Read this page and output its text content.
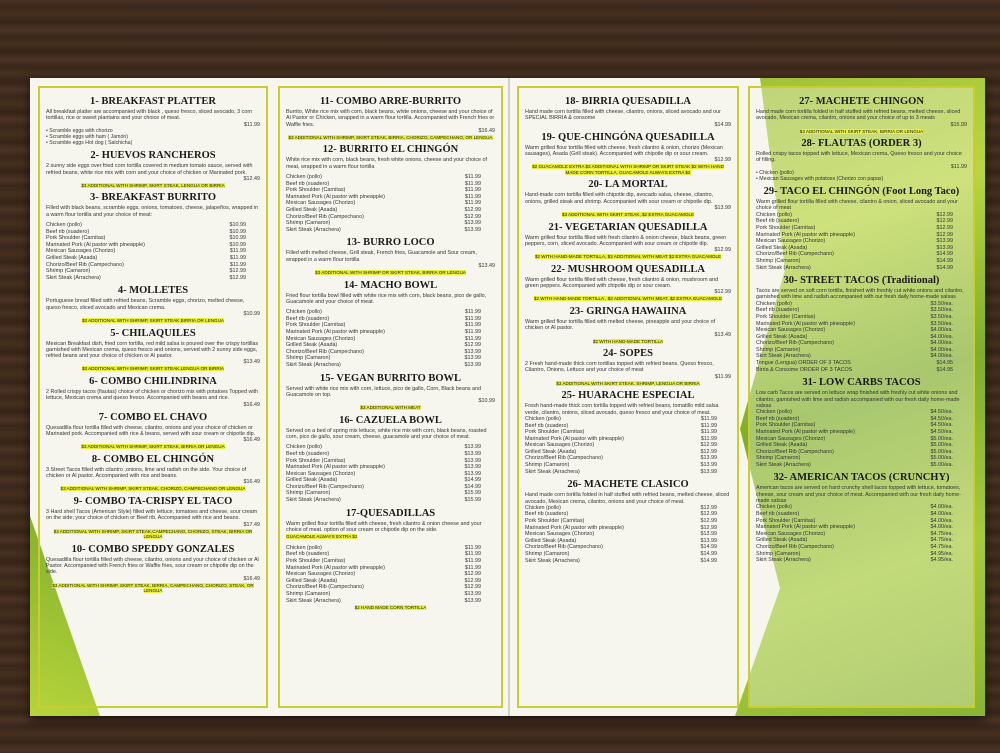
1- BREAKFAST PLATTER
All breakfast platter are accompanied with black , queso fresco, sliced avocado, 3 corn tortillas, rice or sweet plantains and your choice of meat.
$11.99
• Scramble eggs with chorizo
• Scramble eggs with ham ( Jamón)
• Scramble eggs Hot dog ( Salchicha)
2- HUEVOS RANCHEROS
2 sunny side eggs over fried corn tortilla covered in medium tomato sauce, served with refried beans, white rice mix with corn and your choice of chicken or Marinated pork.
$12.49
$3 ADDITIONAL WITH SHRIMP, SKIRT STEAK, LENGUA OR BIRRIA
3- BREAKFAST BURRITO
Filled with black beans, scramble eggs, onions, tomatoes, cheese, jalapeños, wrapped in a warm flour tortilla and your choice of meat:
Chicken (pollo)	$10.99
Beef rib (suadero)	$10.99
Pork Shoulder (Carnitas)	$10.99
Marinated Pork (Al pastor with pineapple)	$10.99
Mexican Sausages (Chorizo)	$11.99
Grilled Steak (Asada)	$11.99
Chorizo/Beef Rib (Campechano)	$11.99
Shrimp (Camaron)	$12.99
Skirt Steak (Arrachera)	$12.99
4- MOLLETES
Portuguese bread filled with refried beans, Scramble eggs, chorizo, melted cheese, queso fresco, sliced avocado and Mexican crema.
$10.99
$3 ADDITIONAL WITH SHRIMP, SKIRT STEAK,BIRRIA OR LENGUA
5- CHILAQUILES
Mexican Breakfast dish, fried corn tortilla, red mild salsa is poured over the crispy tortillas garnished with Mexican crema, queso fresco and onions, served with 2 sunny side eggs, refried beans and your choice of chicken or Al pastor.
$13.49
$3 ADDITIONAL WITH SHRIMP, SKIRT STEAK,LENGUA OR BIRRIA
6- COMBO CHILINDRINA
2 Rolled crispy tacos (flautas) choice of chicken or chorizo mix with potatoes Topped with lettuce, Mexican crema and queso fresco. Accompanied with beans and rice.
$16.49
7- COMBO EL CHAVO
Quesadilla flour tortilla filled with cheese, cilantro, onions and your choice of chicken or Marinated pork. Accompanied with rice & beans, served with sour cream or chipotle dip.
$16.49
$3 ADDITIONAL WITH SHRIMP, SKIRT STEAK, BIRRIA OR LENGUA
8- COMBO EL CHINGÓN
3 Street Tacos filled with cilantro ,onions, lime and radish on the side. Your choice of chicken or Al pastor. Accompanied with rice and beans.
$16.49
$3 ADDITIONAL WITH SHRIMP, SKIRT STEAK, CHORIZO, CAMPECHANO OR LENGUA
9- COMBO TA-CRISPY EL TACO
3 Hard shell Tacos (American Style) filled with lettuce, tomatoes and cheese, sour cream on the side; your choice of chicken or Beef rib. Accompanied with rice and beans.
$17.49
$3 ADDITIONAL WITH SHRIMP, SKIRT STEAK,CAMPECHANO, CHORIZO, STEAK, BIRRIA OR LENGUA
10- COMBO SPEDDY GONZALES
Quesadilla flour tortilla filled with cheese, cilantro, onions and your choice of chicken or Al Pastor. Accompanied with French fries or Waffle fries, sour cream or chipotle dip on the side.
$16.49
$3 ADDITIONAL WITH SHRIMP, SKIRT STEAK, BIRRIA, CAMPECHANO, CHORIZO, STEAK, OR LENGUA
11- COMBO ARRE-BURRITO
Burrito, White rice mix with corn, black beans, white onions, cheese and your choice of Al Pastor or Chicken, wrapped in a warm flour tortilla. Accompanied with French fries or Waffle fries.
$16.49
$3 ADDITIONAL WITH SHRIMP, SKIRT STEAK, BIRRIA, CHORIZO, CAMPECHANO, OR LENGUA
12- BURRITO EL CHINGÓN
White rice mix with corn, black beans, fresh white onions, cheese and your choice of meat, wrapped in a warm flour tortilla
Chicken (pollo)	$11.99
Beef rib (suadero)	$11.99
Pork Shoulder (Carnitas)	$11.99
Marinated Pork (Al pastor with pineapple)	$11.99
Mexican Sausages (Chorizo)	$11.99
Grilled Steak (Asada)	$12.99
Chorizo/Beef Rib (Campechano)	$12.99
Shrimp (Camaron)	$13.99
Skirt Steak (Arrachera)	$13.99
13- BURRO LOCO
Filled with melted cheese, Grill steak, French fries, Guacamole and Sour cream, wrapped in a warm flour tortilla
$13.49
$3 ADDITIONAL WITH SHRIMP OR SKIRT STEAK, BIRRIA OR LENGUA
14- MACHO BOWL
Fried flour tortilla bowl filled with white rice mix with corn, black beans, pico de gallo, Guacamole and your choice of meat.
Chicken (pollo)	$11.99
Beef rib (suadero)	$11.99
Pork Shoulder (Carnitas)	$11.99
Marinated Pork (Al pastor with pineapple)	$11.99
Mexican Sausages (Chorizo)	$11.99
Grilled Steak (Asada)	$12.99
Chorizo/Beef Rib (Campechano)	$13.99
Shrimp (Camaron)	$13.99
Skirt Steak (Arrachera)	$13.99
15- VEGAN BURRITO BOWL
Served with white rice mix with corn, lettuce, pico de gallo, Corn, Black beans and Guacamole on top.
$10.99
$3 ADDITIONAL WITH MEAT
16- CAZUELA BOWL
Served on a bed of spring mix lettuce, white rice mix with corn, black beans, roasted corn, pico de gallo, sour cream, cheese, guacamole and your choice of meat.
Chicken (pollo)	$13.99
Beef rib (suadero)	$13.99
Pork Shoulder (Carnitas)	$13.99
Marinated Pork (Al pastor with pineapple)	$13.99
Mexican Sausages (Chorizo)	$13.99
Grilled Steak (Asada)	$14.99
Chorizo/Beef Rib (Campechano)	$14.99
Shrimp (Camaron)	$15.99
Skirt Steak (Arrachera)	$15.99
17-QUESADILLAS
Warm grilled flour tortilla filled with cheese, fresh cilantro & onion cheese and your choice of meat. option of sour cream or chipotle dip on the side.
GUACAMOLE ALWAYS EXTRA $2
Chicken (pollo)	$11.99
Beef rib (suadero)	$11.99
Pork Shoulder (Carnitas)	$11.99
Marinated Pork (Al pastor with pineapple)	$11.99
Mexican Sausages (Chorizo)	$12.99
Grilled Steak (Asada)	$12.99
Chorizo/Beef Rib (Campechano)	$12.99
Shrimp (Camaron)	$13.99
Skirt Steak (Arrachera)	$13.99
$2 HAND MADE CORN TORTILLA
18- BIRRIA QUESADILLA
Hand made corn tortilla filled with cheese, cilantro, onions, sliced avocado and our SPECIAL BIRRIA & consome
$14.99
19- QUE-CHINGÓNA QUESADILLA
Warm grilled flour tortilla filled with cheese, fresh cilantro & onion, chorizo (Mexican sausages), Asada (Grill steak). Accompanied with chipotle dip or sour cream.
$12.99
$2 GUACAMOLE EXTRA $3 ADDITIONAL WITH SHRIMP OR SKIRT STEAK $2 WITH HAND MADE CORN TORTILLA, GUACAMOLE ALWAYS EXTRA $2
20- LA MORTAL
Hand-made corn tortilla filled with chipotle dip, avocado salsa, cheese, cilantro, onions, grilled steak and shrimp. Accompanied with sour cream or chipotle dip.
$13.99
$3 ADDITIONAL WITH SKIRT STEAK, $2 EXTRA GUACAMOLE
21- VEGETARIAN QUESADILLA
Warm grilled flour tortilla filled with fresh cilantro & onion cheese, black beans, green peppers, corn, sliced avocado. Accompanied with sour cream or chipotle dip.
$12.99
$2 WITH HAND-MADE TORTILLA, $3 ADDITIONAL WITH MEAT $2 EXTRA GUACAMOLE
22- MUSHROOM QUESADILLA
Warm grilled flour tortilla filled with cheese, fresh cilantro & onion, mushroom and green peppers. Accompanied with chipotle dip or sour cream.
$12.99
$2 WITH HAND-MADE TORTILLA , $3 ADDITIONAL WITH MEAT, $2 EXTRA GUACAMOLE
23- GRINGA HAWAIINA
Warm grilled flour tortilla filled with melted cheese, pineapple and your choice of chicken or Al pastor.
$13.49
$2 WITH HAND-MADE TORTILLA
24- SOPES
2 Fresh hand-made thick corn tortillas topped with refried beans, Queso fresco, Cilantro, Onions, Lettuce and your choice of meat
$11.99
$3 ADDITIONAL WITH SKIRT STEAK, SHRIMP, LENGUA OR BIRRIA
25- HUARACHE ESPECIAL
Fresh hand-made thick corn tortilla topped with refried beans, tomatillo mild salsa verde, cilantro, onions, sliced avocado, queso fresco and your choice of meat.
Chicken (pollo)	$11.99
Beef rib (suadero)	$11.99
Pork Shoulder (Carnitas)	$11.99
Marinated Pork (Al pastor with pineapple)	$11.99
Mexican Sausages (Chorizo)	$12.99
Grilled Steak (Asada)	$12.99
Chorizo/Beef Rib (Campechano)	$13.99
Shrimp (Camaron)	$13.99
Skirt Steak (Arrachera)	$13.99
26- MACHETE CLASICO
Hand made corn tortilla folded in half stuffed with refried beans, melted cheese, sliced avocado, Mexican crema, cilantro, onions and your choice of meat.
Chicken (pollo)	$12.99
Beef rib (suadero)	$12.99
Pork Shoulder (Carnitas)	$12.99
Marinated Pork (Al pastor with pineapple)	$12.99
Mexican Sausages (Chorizo)	$13.99
Grilled Steak (Asada)	$13.99
Chorizo/Beef Rib (Campechano)	$14.99
Shrimp (Camaron)	$14.99
Skirt Steak (Arrachera)	$14.99
27- MACHETE CHINGON
Hand made corn tortilla folded in half stuffed with refried beans, melted cheese, sliced avocado, Mexican crema, cilantro, onions and your choice of up to 3 meats
$15.99
$3 ADDITIONAL WITH SKIRT STEAK, BIRRIA OR LENGUA
28- FLAUTAS (ORDER 3)
Rolled crispy tacos topped with lettuce, Mexican crema, Queso fresco and your choice of filling.
$11.99
• Chicken (pollo)
• Mexican Sausages with potatoes (Chorizo con papas)
29- TACO EL CHINGÓN (Foot Long Taco)
Warm grilled flour tortilla filled with cheese, cilantro & onion, sliced avocado and your choice of meat
Chicken (pollo)	$12.99
Beef rib (suadero)	$12.99
Pork Shoulder (Carnitas)	$12.99
Marinated Pork (Al pastor with pineapple)	$12.99
Mexican Sausages (Chorizo)	$13.99
Grilled Steak (Asada)	$13.99
Chorizo/Beef Rib (Campechano)	$14.99
Shrimp (Camaron)	$14.99
Skirt Steak (Arrachera)	$14.99
30- STREET TACOS (Traditional)
Tacos are served on soft corn tortilla, finished with freshly cut white onions and cilantro, garnished with lime and radish accompanied with our fresh daily home-made salsas
Chicken (pollo)	$3.50/ea.
Beef rib (suadero)	$3.50/ea.
Pork Shoulder (Carnitas)	$3.50/ea.
Marinated Pork (Al pastor with pineapple)	$3.50/ea.
Mexican Sausages (Chorizo)	$4.00/ea.
Grilled Steak (Asada)	$4.00/ea.
Chorizo/Beef Rib (Campechano)	$4.00/ea.
Shrimp (Camaron)	$4.00/ea.
Skirt Steak (Arrachera)	$4.00/ea.
Tongue (Lengua) ORDER OF 3 TACOS	$14.95
Birria & Consome ORDER OF 3 TACOS	$14.95
31- LOW CARBS TACOS
Low carb Tacos are served on lettuce wrap finished with freshly cut white onions and cilantro, garnished with lime and radish accompanied with our fresh daily home-made salsas
Chicken (pollo)	$4.50/ea.
Beef rib (suadero)	$4.50/ea.
Pork Shoulder (Carnitas)	$4.50/ea.
Marinated Pork (Al pastor with pineapple)	$4.50/ea.
Mexican Sausages (Chorizo)	$5.00/ea.
Grilled Steak (Asada)	$5.00/ea.
Chorizo/Beef Rib (Campechano)	$5.00/ea.
Shrimp (Camaron)	$5.00/ea.
Skirt Steak (Arrachera)	$5.00/ea.
32- AMERICAN TACOS (CRUNCHY)
American tacos are served on hard crunchy shell tacos topped with lettuce, tomatoes, cheese, sour cream and your choice of meat. Accompanied with our fresh daily home-made salsas
Chicken (pollo)	$4.00/ea.
Beef rib (suadero)	$4.00/ea.
Pork Shoulder (Carnitas)	$4.00/ea.
Marinated Pork (Al pastor with pineapple)	$4.00/ea.
Mexican Sausages (Chorizo)	$4.75/ea.
Grilled Steak (Asada)	$4.75/ea.
Chorizo/Beef Rib (Campechano)	$4.75/ea.
Shrimp (Camaron)	$4.95/ea.
Skirt Steak (Arrachera)	$4.95/ea.
